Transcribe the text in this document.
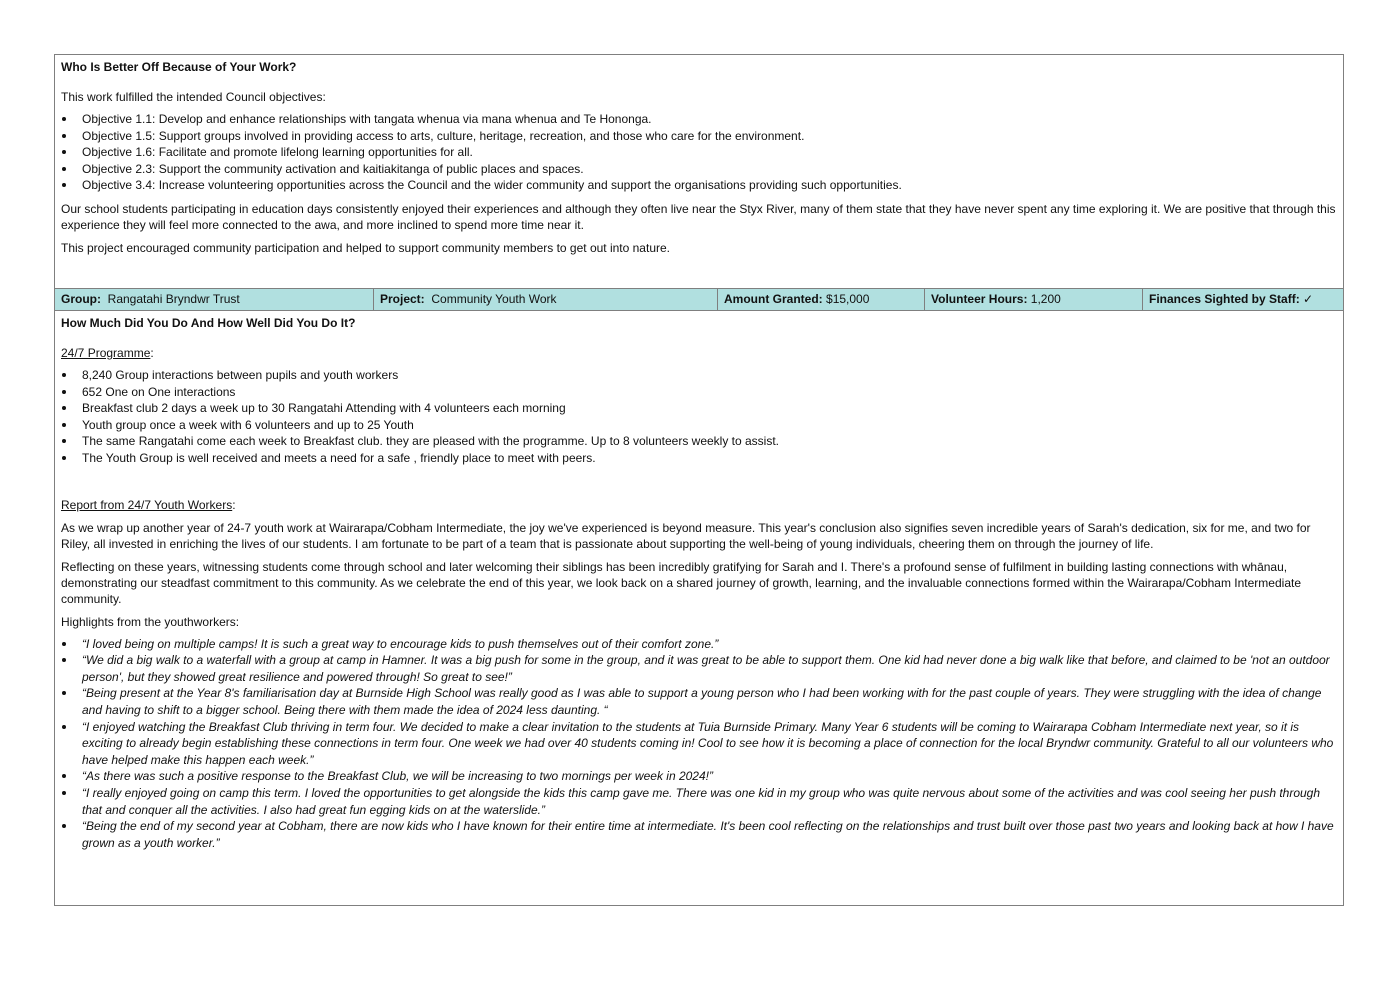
Who Is Better Off Because of Your Work?

This work fulfilled the intended Council objectives:

Objective 1.1: Develop and enhance relationships with tangata whenua via mana whenua and Te Hononga.
Objective 1.5: Support groups involved in providing access to arts, culture, heritage, recreation, and those who care for the environment.
Objective 1.6: Facilitate and promote lifelong learning opportunities for all.
Objective 2.3: Support the community activation and kaitiakitanga of public places and spaces.
Objective 3.4: Increase volunteering opportunities across the Council and the wider community and support the organisations providing such opportunities.

Our school students participating in education days consistently enjoyed their experiences and although they often live near the Styx River, many of them state that they have never spent any time exploring it. We are positive that through this experience they will feel more connected to the awa, and more inclined to spend more time near it.

This project encouraged community participation and helped to support community members to get out into nature.

Group: Rangatahi Bryndwr Trust	Project: Community Youth Work	Amount Granted: $15,000	Volunteer Hours: 1,200	Finances Sighted by Staff: ✓
How Much Did You Do And How Well Did You Do It?

24/7 Programme:

8,240 Group interactions between pupils and youth workers
652 One on One interactions
Breakfast club 2 days a week up to 30 Rangatahi Attending with 4 volunteers each morning
Youth group once a week with 6 volunteers and up to 25 Youth
The same Rangatahi come each week to Breakfast club. they are pleased with the programme. Up to 8 volunteers weekly to assist.
The Youth Group is well received and meets a need for a safe , friendly place to meet with peers.

Report from 24/7 Youth Workers:

As we wrap up another year of 24-7 youth work at Wairarapa/Cobham Intermediate, the joy we've experienced is beyond measure. This year's conclusion also signifies seven incredible years of Sarah's dedication, six for me, and two for Riley, all invested in enriching the lives of our students. I am fortunate to be part of a team that is passionate about supporting the well-being of young individuals, cheering them on through the journey of life.

Reflecting on these years, witnessing students come through school and later welcoming their siblings has been incredibly gratifying for Sarah and I. There's a profound sense of fulfilment in building lasting connections with whānau, demonstrating our steadfast commitment to this community. As we celebrate the end of this year, we look back on a shared journey of growth, learning, and the invaluable connections formed within the Wairarapa/Cobham Intermediate community.

Highlights from the youthworkers:

“I loved being on multiple camps! It is such a great way to encourage kids to push themselves out of their comfort zone.”
“We did a big walk to a waterfall with a group at camp in Hamner. It was a big push for some in the group, and it was great to be able to support them. One kid had never done a big walk like that before, and claimed to be 'not an outdoor person', but they showed great resilience and powered through! So great to see!”
“Being present at the Year 8's familiarisation day at Burnside High School was really good as I was able to support a young person who I had been working with for the past couple of years. They were struggling with the idea of change and having to shift to a bigger school. Being there with them made the idea of 2024 less daunting. “
“I enjoyed watching the Breakfast Club thriving in term four. We decided to make a clear invitation to the students at Tuia Burnside Primary. Many Year 6 students will be coming to Wairarapa Cobham Intermediate next year, so it is exciting to already begin establishing these connections in term four. One week we had over 40 students coming in! Cool to see how it is becoming a place of connection for the local Bryndwr community. Grateful to all our volunteers who have helped make this happen each week.”
“As there was such a positive response to the Breakfast Club, we will be increasing to two mornings per week in 2024!”
“I really enjoyed going on camp this term. I loved the opportunities to get alongside the kids this camp gave me. There was one kid in my group who was quite nervous about some of the activities and was cool seeing her push through that and conquer all the activities. I also had great fun egging kids on at the waterslide.”
“Being the end of my second year at Cobham, there are now kids who I have known for their entire time at intermediate. It's been cool reflecting on the relationships and trust built over those past two years and looking back at how I have grown as a youth worker.”
